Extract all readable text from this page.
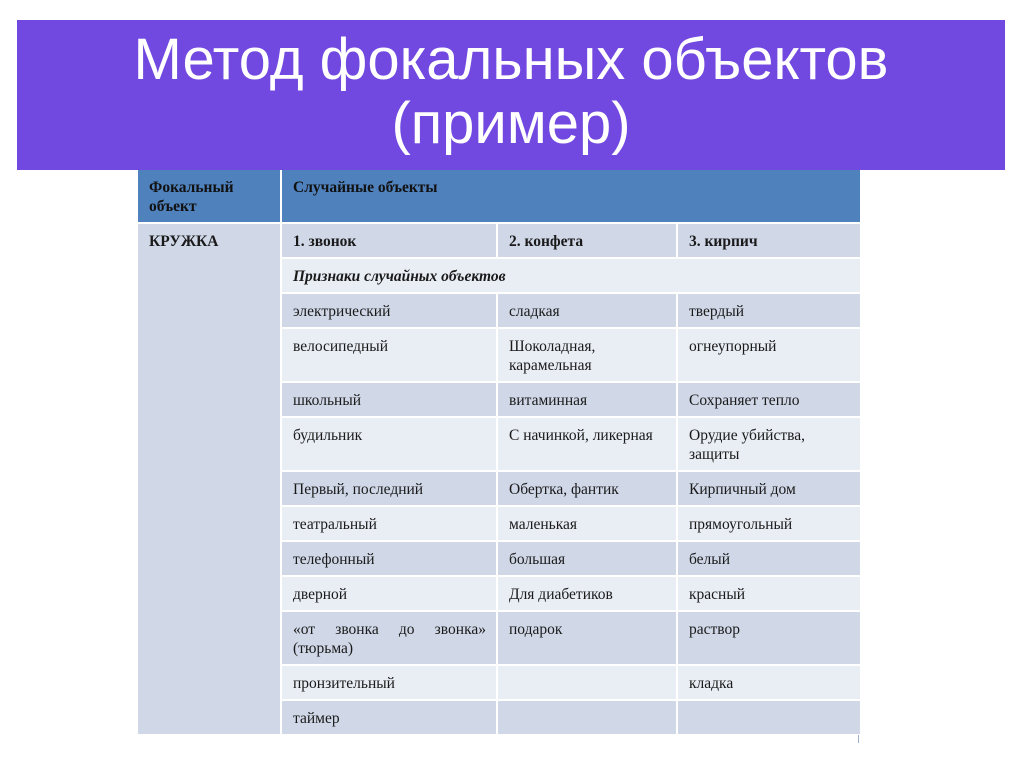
Метод фокальных объектов
(пример)
Фокальный объект	Случайные объекты		
КРУЖКА	1. звонок	2. конфета	3. кирпич
	Признаки случайных объектов		
	электрический	сладкая	твердый
	велосипедный	Шоколадная, карамельная	огнеупорный
	школьный	витаминная	Сохраняет тепло
	будильник	С начинкой, ликерная	Орудие убийства, защиты
	Первый, последний	Обертка, фантик	Кирпичный дом
	театральный	маленькая	прямоугольный
	телефонный	большая	белый
	дверной	Для диабетиков	красный
	«от звонка до звонка» (тюрьма)	подарок	раствор
	пронзительный		кладка
	таймер		
